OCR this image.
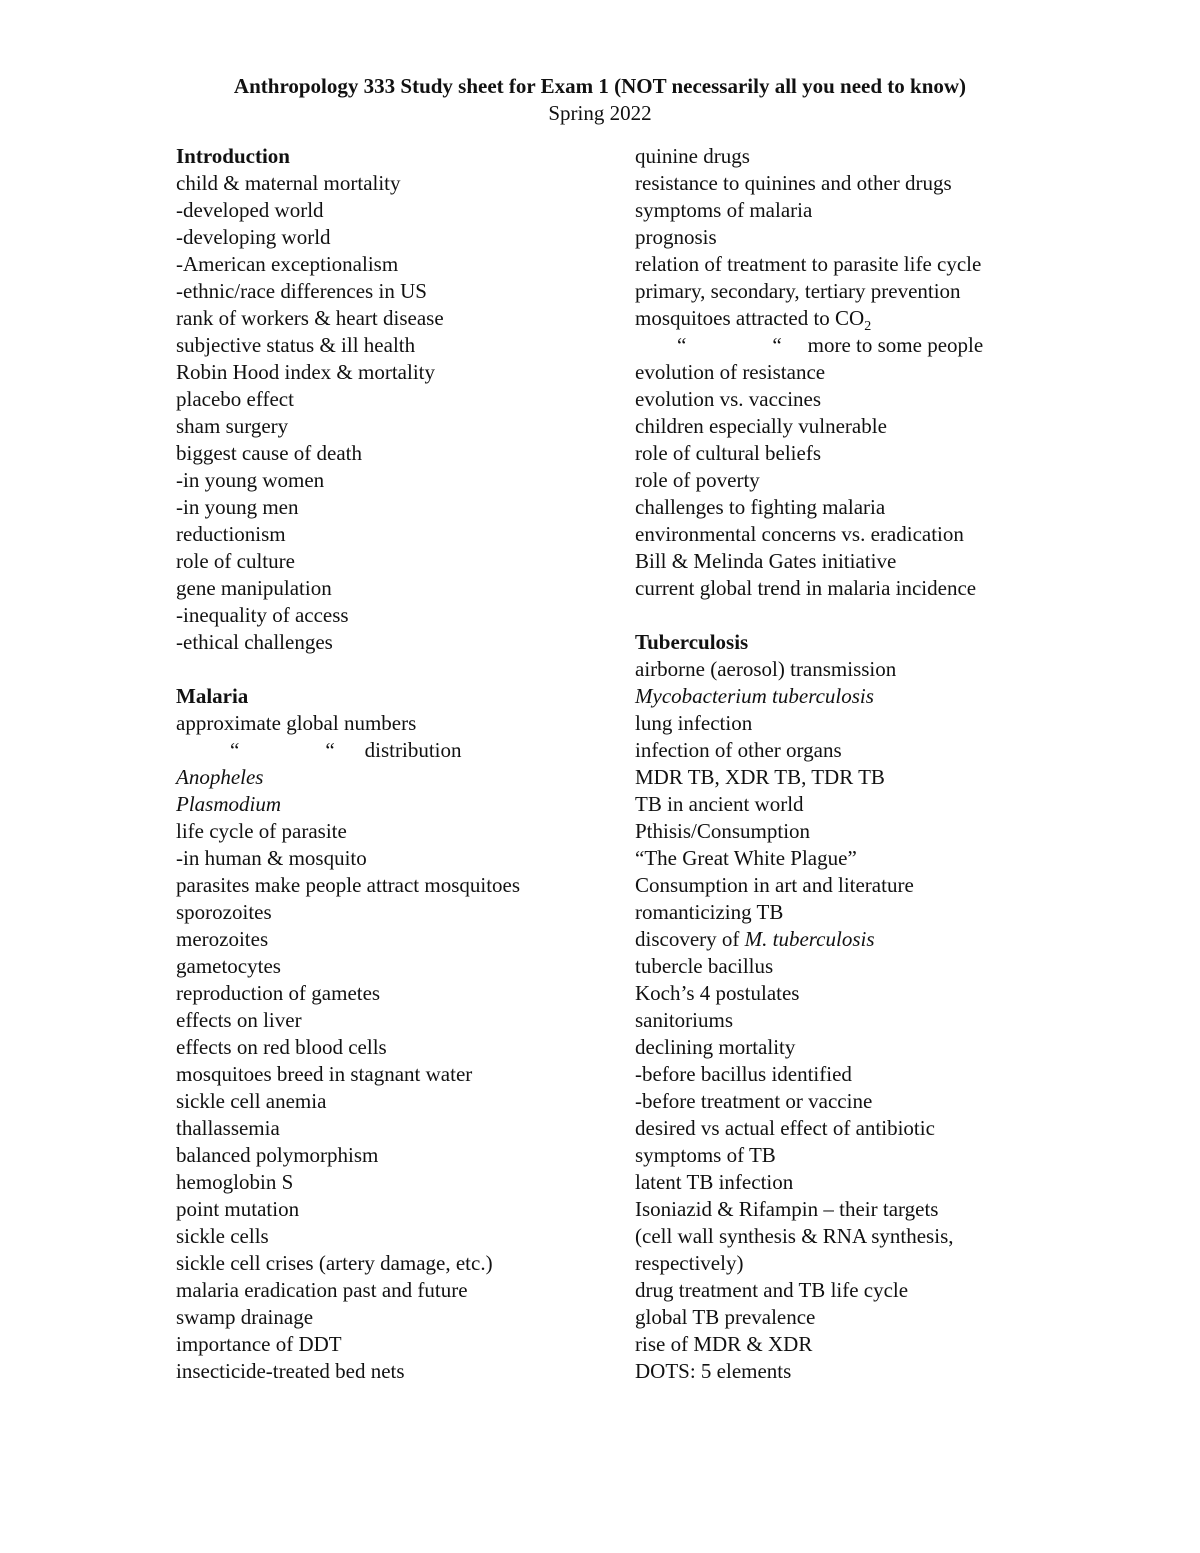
Anthropology 333 Study sheet for Exam 1 (NOT necessarily all you need to know)
Spring 2022
Introduction
child & maternal mortality
-developed world
-developing world
-American exceptionalism
-ethnic/race differences in US
rank of workers & heart disease
subjective status & ill health
Robin Hood index & mortality
placebo effect
sham surgery
biggest cause of death
-in young women
-in young men
reductionism
role of culture
gene manipulation
-inequality of access
-ethical challenges
Malaria
approximate global numbers
“	“ distribution
Anopheles
Plasmodium
life cycle of parasite
-in human & mosquito
parasites make people attract mosquitoes
sporozoites
merozoites
gametocytes
reproduction of gametes
effects on liver
effects on red blood cells
mosquitoes breed in stagnant water
sickle cell anemia
thallassemia
balanced polymorphism
hemoglobin S
point mutation
sickle cells
sickle cell crises (artery damage, etc.)
malaria eradication past and future
swamp drainage
importance of DDT
insecticide-treated bed nets
quinine drugs
resistance to quinines and other drugs
symptoms of malaria
prognosis
relation of treatment to parasite life cycle
primary, secondary, tertiary prevention
mosquitoes attracted to $CO_2$
“	“ more to some people
evolution of resistance
evolution vs. vaccines
children especially vulnerable
role of cultural beliefs
role of poverty
challenges to fighting malaria
environmental concerns vs. eradication
Bill & Melinda Gates initiative
current global trend in malaria incidence
Tuberculosis
airborne (aerosol) transmission
Mycobacterium tuberculosis
lung infection
infection of other organs
MDR TB, XDR TB, TDR TB
TB in ancient world
Pthisis/Consumption
“The Great White Plague”
Consumption in art and literature
romanticizing TB
discovery of M. tuberculosis
tubercle bacillus
Koch’s 4 postulates
sanitoriums
declining mortality
-before bacillus identified
-before treatment or vaccine
desired vs actual effect of antibiotic
symptoms of TB
latent TB infection
Isoniazid & Rifampin – their targets
(cell wall synthesis & RNA synthesis,
respectively)
drug treatment and TB life cycle
global TB prevalence
rise of MDR & XDR
DOTS: 5 elements
